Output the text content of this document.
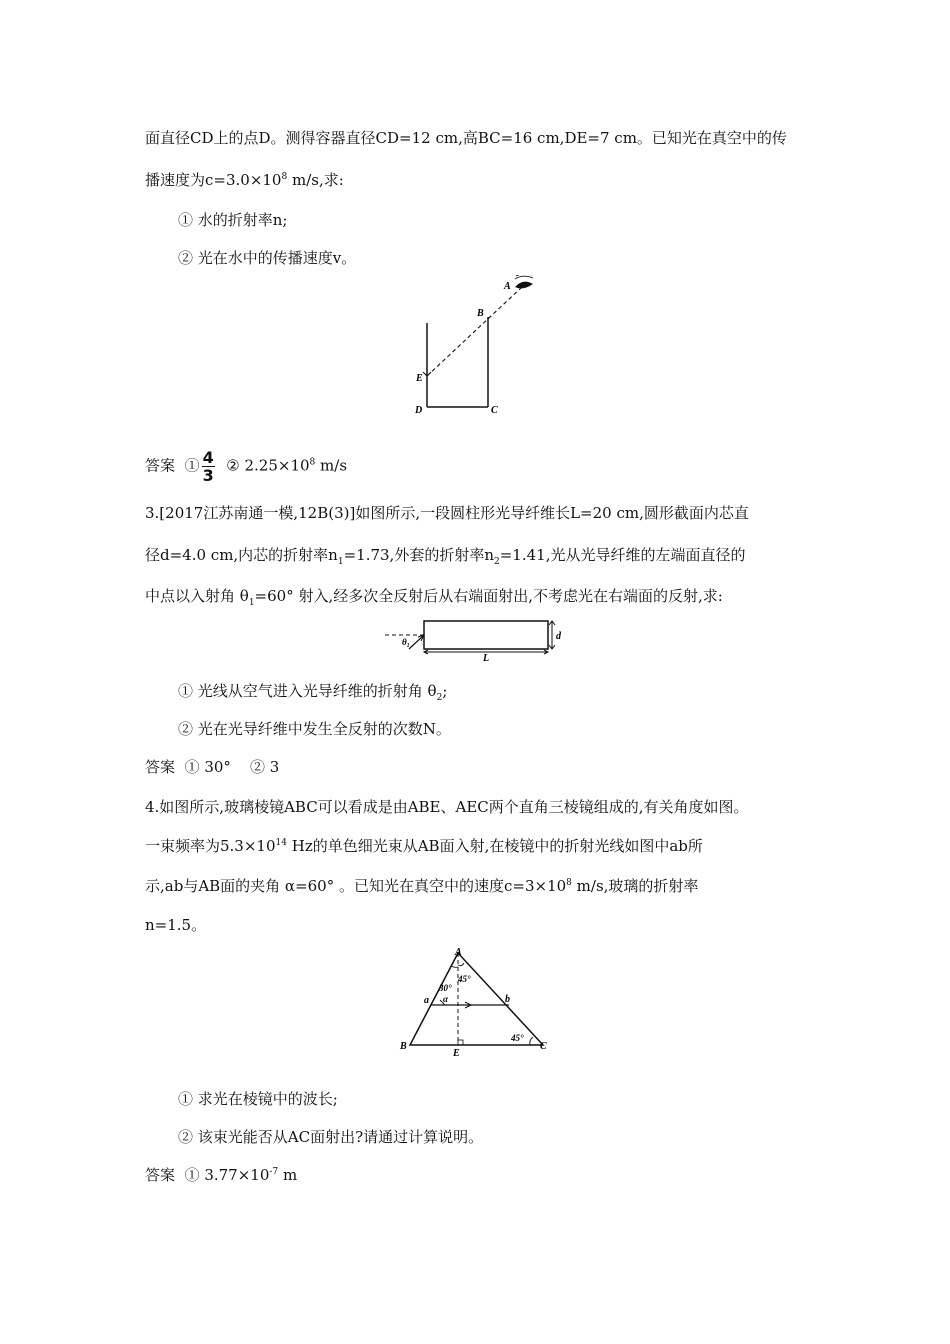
面直径CD上的点D。测得容器直径CD=12 cm,高BC=16 cm,DE=7 cm。已知光在真空中的传
播速度为$c=3.0\times 10^8$ m/s,求:
① 水的折射率n;
② 光在水中的传播速度v。
A
B
E
D	C
答案 ① $\frac{4}{3}$ ② $2.25\times 10^8$ m/s
3.[2017江苏南通一模,12B(3)]如图所示,一段圆柱形光导纤维长L=20 cm,圆形截面内芯直
径d=4.0 cm,内芯的折射率$n_1=1.73$,外套的折射率$n_2=1.41$,光从光导纤维的左端面直径的
中点以入射角 $\theta_1=60^\circ$ 射入,经多次全反射后从右端面射出,不考虑光在右端面的反射,求:
$\theta_1$
d
L
① 光线从空气进入光导纤维的折射角 $\theta_2$;
② 光在光导纤维中发生全反射的次数N。
答案 ① 30°    ② 3
4.如图所示,玻璃棱镜ABC可以看成是由ABE、AEC两个直角三棱镜组成的,有关角度如图。
一束频率为$5.3\times 10^{14}$ Hz的单色细光束从AB面入射,在棱镜中的折射光线如图中ab所
示,ab与AB面的夹角 α=60° 。已知光在真空中的速度$c=3\times 10^8$ m/s,玻璃的折射率
n=1.5。
A
B	C
E
a	b
α
30°
45°
45°
① 求光在棱镜中的波长;
② 该束光能否从AC面射出?请通过计算说明。
答案 ① $3.77\times 10^{-7}$ m
